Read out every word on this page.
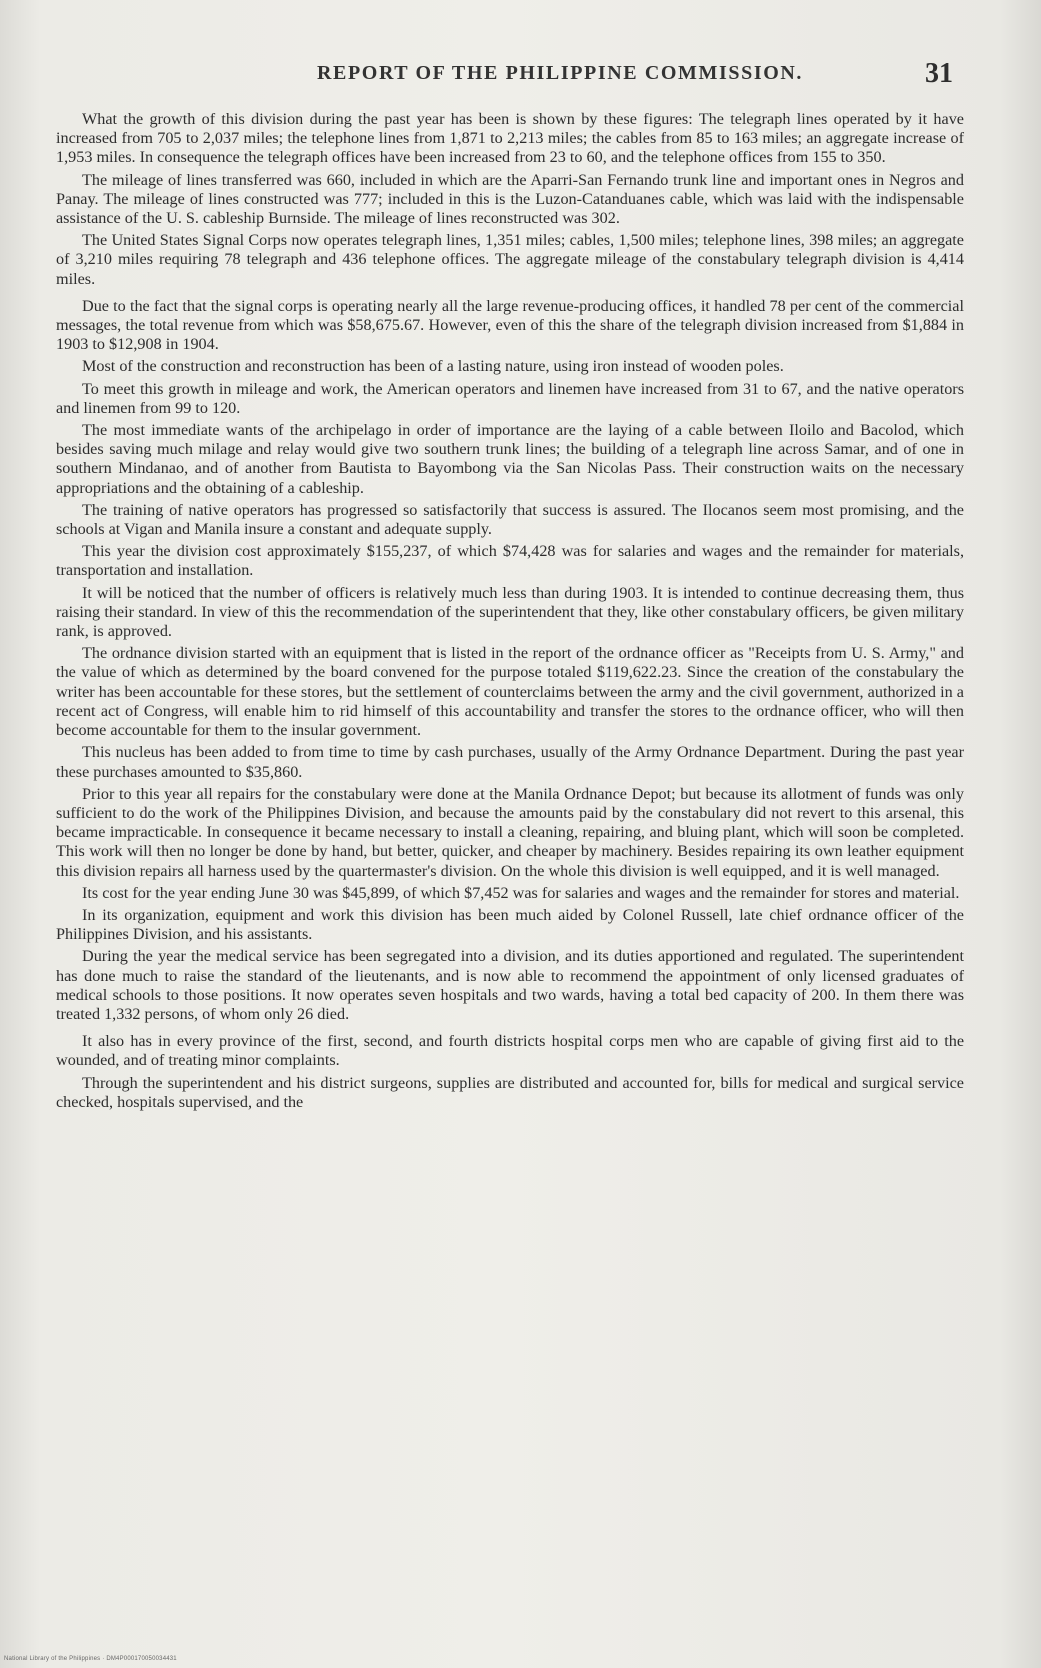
REPORT OF THE PHILIPPINE COMMISSION.	31

What the growth of this division during the past year has been is shown by these figures: The telegraph lines operated by it have increased from 705 to 2,037 miles; the telephone lines from 1,871 to 2,213 miles; the cables from 85 to 163 miles; an aggregate increase of 1,953 miles. In consequence the telegraph offices have been increased from 23 to 60, and the telephone offices from 155 to 350.

The mileage of lines transferred was 660, included in which are the Aparri-San Fernando trunk line and important ones in Negros and Panay. The mileage of lines constructed was 777; included in this is the Luzon-Catanduanes cable, which was laid with the indispensable assistance of the U. S. cableship Burnside. The mileage of lines reconstructed was 302.

The United States Signal Corps now operates telegraph lines, 1,351 miles; cables, 1,500 miles; telephone lines, 398 miles; an aggregate of 3,210 miles requiring 78 telegraph and 436 telephone offices. The aggregate mileage of the constabulary telegraph division is 4,414 miles.

Due to the fact that the signal corps is operating nearly all the large revenue-producing offices, it handled 78 per cent of the commercial messages, the total revenue from which was $58,675.67. However, even of this the share of the telegraph division increased from $1,884 in 1903 to $12,908 in 1904.

Most of the construction and reconstruction has been of a lasting nature, using iron instead of wooden poles.

To meet this growth in mileage and work, the American operators and linemen have increased from 31 to 67, and the native operators and linemen from 99 to 120.

The most immediate wants of the archipelago in order of importance are the laying of a cable between Iloilo and Bacolod, which besides saving much milage and relay would give two southern trunk lines; the building of a telegraph line across Samar, and of one in southern Mindanao, and of another from Bautista to Bayombong via the San Nicolas Pass. Their construction waits on the necessary appropriations and the obtaining of a cableship.

The training of native operators has progressed so satisfactorily that success is assured. The Ilocanos seem most promising, and the schools at Vigan and Manila insure a constant and adequate supply.

This year the division cost approximately $155,237, of which $74,428 was for salaries and wages and the remainder for materials, transportation and installation.

It will be noticed that the number of officers is relatively much less than during 1903. It is intended to continue decreasing them, thus raising their standard. In view of this the recommendation of the superintendent that they, like other constabulary officers, be given military rank, is approved.

The ordnance division started with an equipment that is listed in the report of the ordnance officer as "Receipts from U. S. Army," and the value of which as determined by the board convened for the purpose totaled $119,622.23. Since the creation of the constabulary the writer has been accountable for these stores, but the settlement of counterclaims between the army and the civil government, authorized in a recent act of Congress, will enable him to rid himself of this accountability and transfer the stores to the ordnance officer, who will then become accountable for them to the insular government.

This nucleus has been added to from time to time by cash purchases, usually of the Army Ordnance Department. During the past year these purchases amounted to $35,860.

Prior to this year all repairs for the constabulary were done at the Manila Ordnance Depot; but because its allotment of funds was only sufficient to do the work of the Philippines Division, and because the amounts paid by the constabulary did not revert to this arsenal, this became impracticable. In consequence it became necessary to install a cleaning, repairing, and bluing plant, which will soon be completed. This work will then no longer be done by hand, but better, quicker, and cheaper by machinery. Besides repairing its own leather equipment this division repairs all harness used by the quartermaster's division. On the whole this division is well equipped, and it is well managed.

Its cost for the year ending June 30 was $45,899, of which $7,452 was for salaries and wages and the remainder for stores and material.

In its organization, equipment and work this division has been much aided by Colonel Russell, late chief ordnance officer of the Philippines Division, and his assistants.

During the year the medical service has been segregated into a division, and its duties apportioned and regulated. The superintendent has done much to raise the standard of the lieutenants, and is now able to recommend the appointment of only licensed graduates of medical schools to those positions. It now operates seven hospitals and two wards, having a total bed capacity of 200. In them there was treated 1,332 persons, of whom only 26 died.

It also has in every province of the first, second, and fourth districts hospital corps men who are capable of giving first aid to the wounded, and of treating minor complaints.

Through the superintendent and his district surgeons, supplies are distributed and accounted for, bills for medical and surgical service checked, hospitals supervised, and the

National Library of the Philippines · DM4P000170050034431
